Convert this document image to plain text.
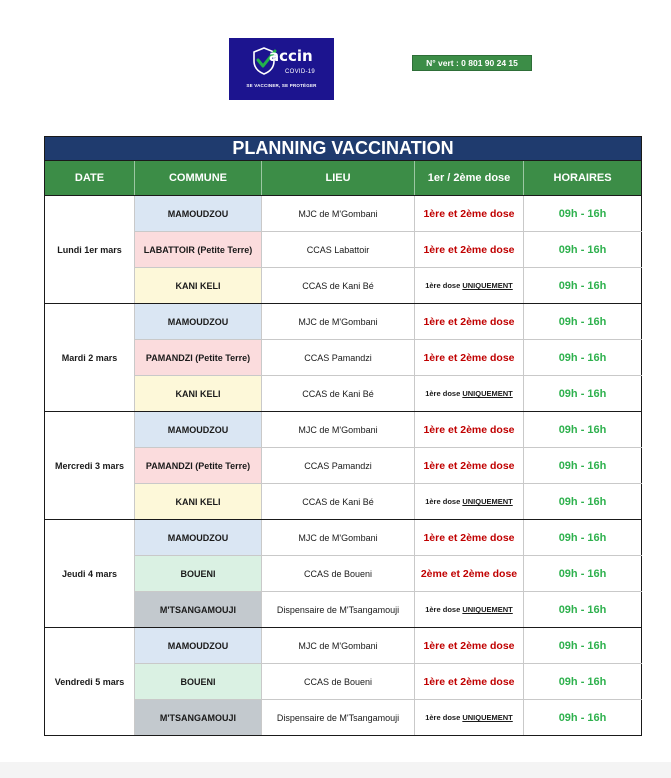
accin
COVID-19
SE VACCINER, SE PROTÉGER
N° vert : 0 801 90 24 15
PLANNING VACCINATION				
DATE	COMMUNE	LIEU	1er / 2ème dose	HORAIRES
Lundi 1er mars	MAMOUDZOU	MJC de M'Gombani	1ère et 2ème dose	09h - 16h
	LABATTOIR (Petite Terre)	CCAS Labattoir	1ère et 2ème dose	09h - 16h
	KANI KELI	CCAS de Kani Bé	1ère dose UNIQUEMENT	09h - 16h
Mardi 2 mars	MAMOUDZOU	MJC de M'Gombani	1ère et 2ème dose	09h - 16h
	PAMANDZI (Petite Terre)	CCAS Pamandzi	1ère et 2ème dose	09h - 16h
	KANI KELI	CCAS de Kani Bé	1ère dose UNIQUEMENT	09h - 16h
Mercredi 3 mars	MAMOUDZOU	MJC de M'Gombani	1ère et 2ème dose	09h - 16h
	PAMANDZI (Petite Terre)	CCAS Pamandzi	1ère et 2ème dose	09h - 16h
	KANI KELI	CCAS de Kani Bé	1ère dose UNIQUEMENT	09h - 16h
Jeudi 4 mars	MAMOUDZOU	MJC de M'Gombani	1ère et 2ème dose	09h - 16h
	BOUENI	CCAS de Boueni	2ème et 2ème dose	09h - 16h
	M'TSANGAMOUJI	Dispensaire de M'Tsangamouji	1ère dose UNIQUEMENT	09h - 16h
Vendredi 5 mars	MAMOUDZOU	MJC de M'Gombani	1ère et 2ème dose	09h - 16h
	BOUENI	CCAS de Boueni	1ère et 2ème dose	09h - 16h
	M'TSANGAMOUJI	Dispensaire de M'Tsangamouji	1ère dose UNIQUEMENT	09h - 16h
